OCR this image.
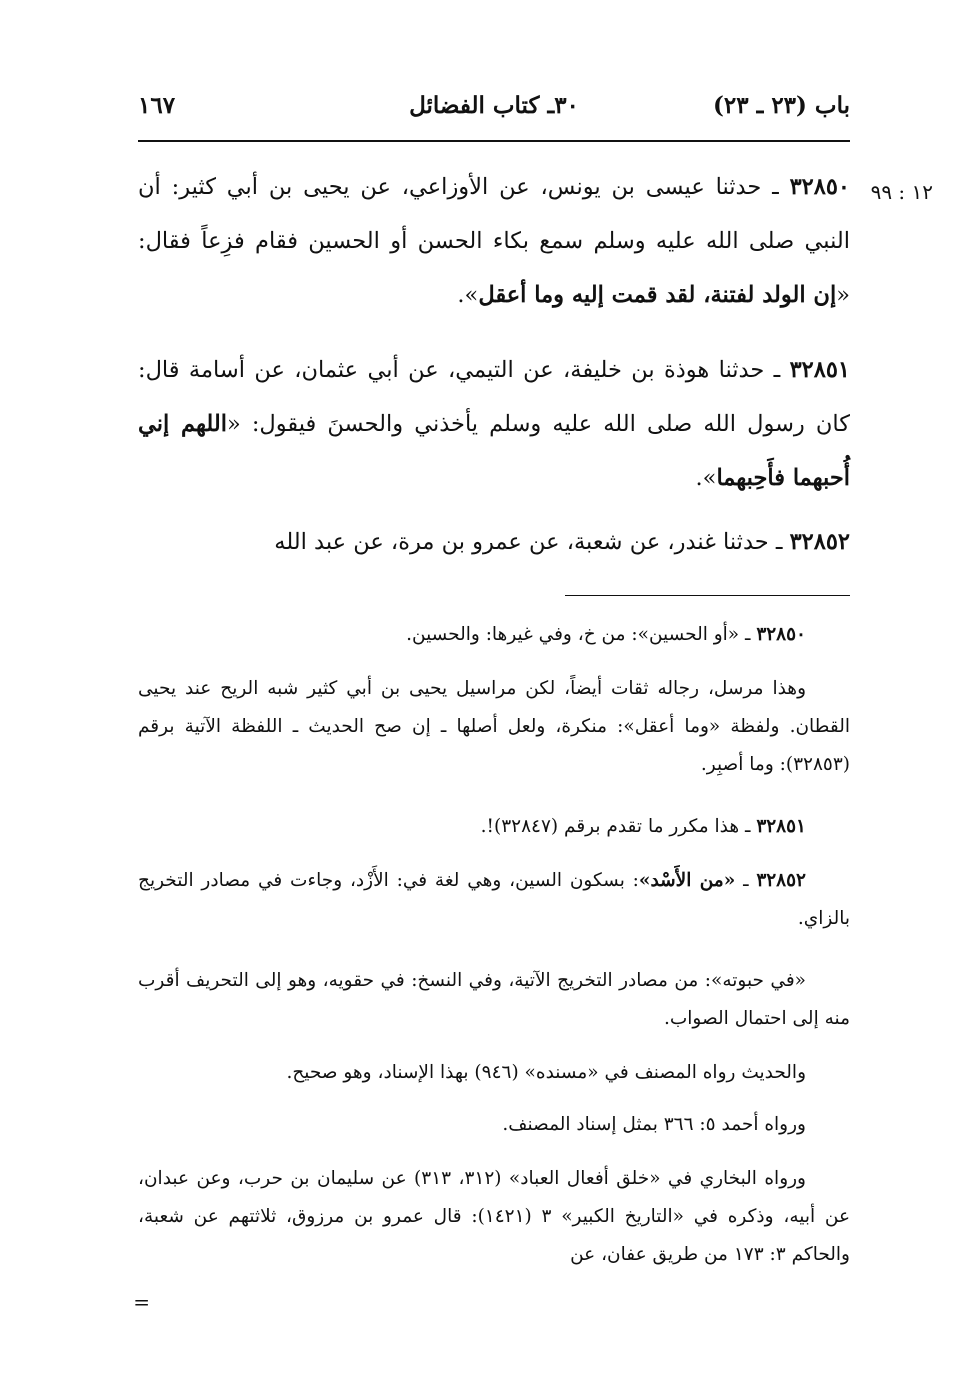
باب (٢٣ ـ ٢٣)
٣٠ـ كتاب الفضائل
١٦٧
١٢ : ٩٩

٣٢٨٥٠ ـ حدثنا عيسى بن يونس، عن الأوزاعي، عن يحيى بن أبي كثير: أن النبي صلى الله عليه وسلم سمع بكاء الحسن أو الحسين فقام فزِعاً فقال: «إن الولد لفتنة، لقد قمت إليه وما أعقل».

٣٢٨٥١ ـ حدثنا هوذة بن خليفة، عن التيمي، عن أبي عثمان، عن أسامة قال: كان رسول الله صلى الله عليه وسلم يأخذني والحسنَ فيقول: «اللهم إني أُحبهما فأَحِبهما».

٣٢٨٥٢ ـ حدثنا غندر، عن شعبة، عن عمرو بن مرة، عن عبد الله

٣٢٨٥٠ ـ «أو الحسين»: من خ، وفي غيرها: والحسين.

وهذا مرسل، رجاله ثقات أيضاً، لكن مراسيل يحيى بن أبي كثير شبه الريح عند يحيى القطان. ولفظة «وما أعقل»: منكرة، ولعل أصلها ـ إن صح الحديث ـ اللفظة الآتية برقم (٣٢٨٥٣): وما أصبِر.

٣٢٨٥١ ـ هذا مكرر ما تقدم برقم (٣٢٨٤٧)!.

٣٢٨٥٢ ـ «من الأَسْد»: بسكون السين، وهي لغة في: الأَزْد، وجاءت في مصادر التخريج بالزاي.

«في حبوته»: من مصادر التخريج الآتية، وفي النسخ: في حقويه، وهو إلى التحريف أقرب منه إلى احتمال الصواب.

والحديث رواه المصنف في «مسنده» (٩٤٦) بهذا الإسناد، وهو صحيح.

ورواه أحمد ٥: ٣٦٦ بمثل إسناد المصنف.

ورواه البخاري في «خلق أفعال العباد» (٣١٢، ٣١٣) عن سليمان بن حرب، وعن عبدان، عن أبيه، وذكره في «التاريخ الكبير» ٣ (١٤٢١): قال عمرو بن مرزوق، ثلاثتهم عن شعبة، والحاكم ٣: ١٧٣ من طريق عفان، عن

=
